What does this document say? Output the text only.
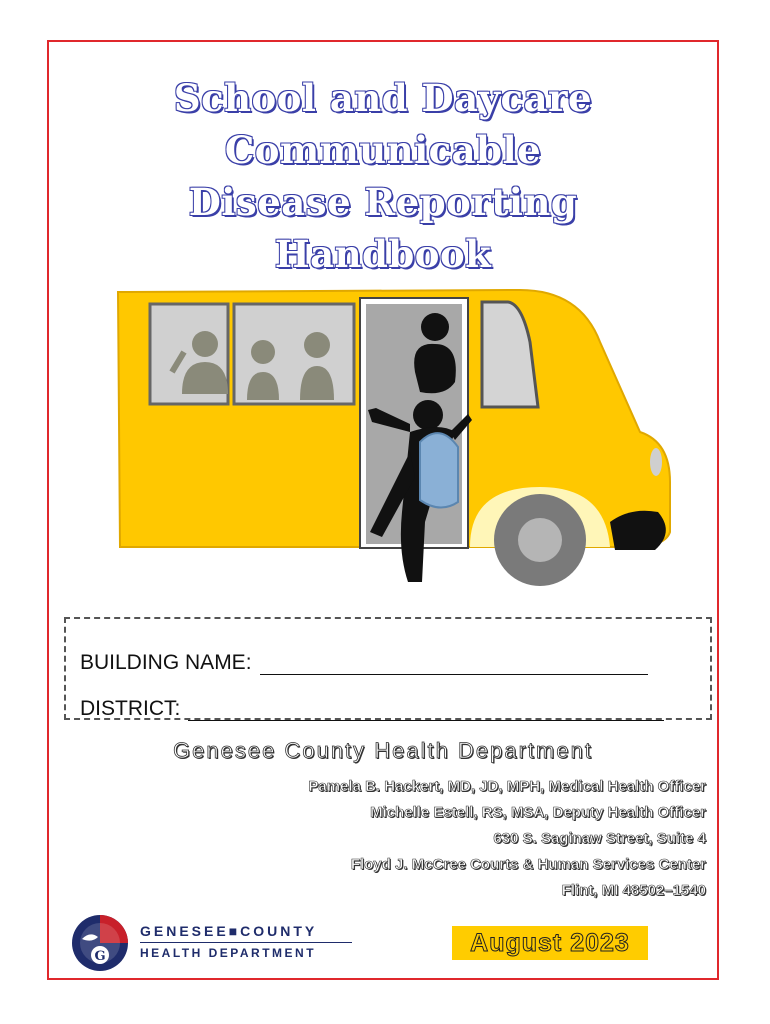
School and Daycare
Communicable
Disease Reporting
Handbook
BUILDING NAME:
DISTRICT:
Genesee County Health Department
Pamela B. Hackert, MD, JD, MPH, Medical Health Officer
Michelle Estell, RS, MSA, Deputy Health Officer
630 S. Saginaw Street, Suite 4
Floyd J. McCree Courts & Human Services Center
Flint, MI 48502–1540
G
GENESEE■COUNTY
HEALTH DEPARTMENT	August 2023
